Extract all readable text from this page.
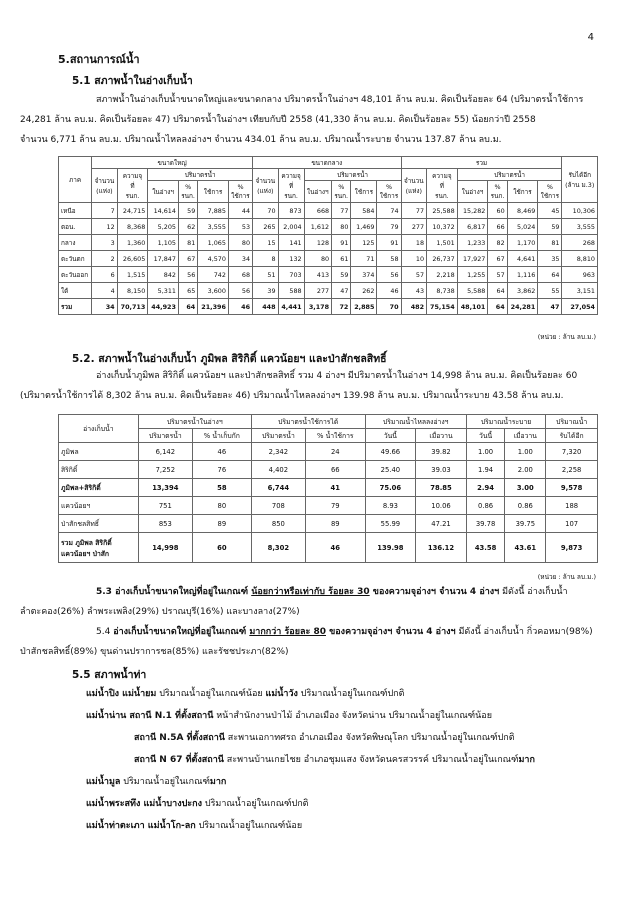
4
5.สถานการณ์น้ำ
5.1 สภาพน้ำในอ่างเก็บน้ำ
สภาพน้ำในอ่างเก็บน้ำขนาดใหญ่และขนาดกลาง ปริมาตรน้ำในอ่างฯ 48,101 ล้าน ลบ.ม. คิดเป็นร้อยละ 64 (ปริมาตรน้ำใช้การ
24,281 ล้าน ลบ.ม. คิดเป็นร้อยละ 47) ปริมาตรน้ำในอ่างฯ เทียบกับปี 2558 (41,330 ล้าน ลบ.ม. คิดเป็นร้อยละ 55) น้อยกว่าปี 2558
จำนวน 6,771 ล้าน ลบ.ม. ปริมาณน้ำไหลลงอ่างฯ จำนวน 434.01 ล้าน ลบ.ม. ปริมาณน้ำระบาย จำนวน 137.87 ล้าน ลบ.ม.
ภาค	ขนาดใหญ่						ขนาดกลาง						รวม						รับได้อีก
(ล้าน ม.3)
	จำนวน
(แห่ง)	ความจุ
ที่
รนก.	ปริมาตรน้ำ				จำนวน
(แห่ง)	ความจุ
ที่
รนก.	ปริมาตรน้ำ				จำนวน
(แห่ง)	ความจุ
ที่
รนก.	ปริมาตรน้ำ				
			ในอ่างฯ	%
รนก.	ใช้การ	%
ใช้การ			ในอ่างฯ	%
รนก.	ใช้การ	%
ใช้การ			ในอ่างฯ	%
รนก.	ใช้การ	%
ใช้การ	
เหนือ	7	24,715	14,614	59	7,885	44	70	873	668	77	584	74	77	25,588	15,282	60	8,469	45	10,306
ตอน.	12	8,368	5,205	62	3,555	53	265	2,004	1,612	80	1,469	79	277	10,372	6,817	66	5,024	59	3,555
กลาง	3	1,360	1,105	81	1,065	80	15	141	128	91	125	91	18	1,501	1,233	82	1,170	81	268
ตะวันตก	2	26,605	17,847	67	4,570	34	8	132	80	61	71	58	10	26,737	17,927	67	4,641	35	8,810
ตะวันออก	6	1,515	842	56	742	68	51	703	413	59	374	56	57	2,218	1,255	57	1,116	64	963
ใต้	4	8,150	5,311	65	3,600	56	39	588	277	47	262	46	43	8,738	5,588	64	3,862	55	3,151
รวม	34	70,713	44,923	64	21,396	46	448	4,441	3,178	72	2,885	70	482	75,154	48,101	64	24,281	47	27,054
(หน่วย : ล้าน ลบ.ม.)
5.2. สภาพน้ำในอ่างเก็บน้ำ ภูมิพล สิริกิติ์ แควน้อยฯ และป่าสักชลสิทธิ์
อ่างเก็บน้ำภูมิพล สิริกิติ์ แควน้อยฯ และป่าสักชลสิทธิ์ รวม 4 อ่างฯ มีปริมาตรน้ำในอ่างฯ 14,998 ล้าน ลบ.ม. คิดเป็นร้อยละ 60
(ปริมาตรน้ำใช้การได้ 8,302 ล้าน ลบ.ม. คิดเป็นร้อยละ 46) ปริมาณน้ำไหลลงอ่างฯ 139.98 ล้าน ลบ.ม. ปริมาณน้ำระบาย 43.58 ล้าน ลบ.ม.
อ่างเก็บน้ำ	ปริมาตรน้ำในอ่างฯ		ปริมาตรน้ำใช้การได้		ปริมาณน้ำไหลลงอ่างฯ		ปริมาณน้ำระบาย		ปริมาณน้ำ
	ปริมาตรน้ำ	% น้ำเก็บกัก	ปริมาตรน้ำ	% น้ำใช้การ	วันนี้	เมื่อวาน	วันนี้	เมื่อวาน	รับได้อีก
ภูมิพล	6,142	46	2,342	24	49.66	39.82	1.00	1.00	7,320
สิริกิติ์	7,252	76	4,402	66	25.40	39.03	1.94	2.00	2,258
ภูมิพล+สิริกิติ์	13,394	58	6,744	41	75.06	78.85	2.94	3.00	9,578
แควน้อยฯ	751	80	708	79	8.93	10.06	0.86	0.86	188
ป่าสักชลสิทธิ์	853	89	850	89	55.99	47.21	39.78	39.75	107
รวม ภูมิพล สิริกิติ์
แควน้อยฯ ป่าสัก	14,998	60	8,302	46	139.98	136.12	43.58	43.61	9,873
(หน่วย : ล้าน ลบ.ม.)
5.3 อ่างเก็บน้ำขนาดใหญ่ที่อยู่ในเกณฑ์ น้อยกว่าหรือเท่ากับ ร้อยละ 30 ของความจุอ่างฯ จำนวน 4 อ่างฯ มีดังนี้ อ่างเก็บน้ำ
ลำตะคอง(26%) ลำพระเพลิง(29%) ปราณบุรี(16%) และบางลาง(27%)
5.4 อ่างเก็บน้ำขนาดใหญ่ที่อยู่ในเกณฑ์ มากกว่า ร้อยละ 80 ของความจุอ่างฯ จำนวน 4 อ่างฯ มีดังนี้ อ่างเก็บน้ำ กิ่วคอหมา(98%)
ป่าสักชลสิทธิ์(89%) ขุนด่านปราการชล(85%) และรัชชประภา(82%)
5.5 สภาพน้ำท่า
แม่น้ำปิง แม่น้ำยม ปริมาณน้ำอยู่ในเกณฑ์น้อย แม่น้ำวัง ปริมาณน้ำอยู่ในเกณฑ์ปกติ
แม่น้ำน่าน สถานี N.1 ที่ตั้งสถานี หน้าสำนักงานป่าไม้ อำเภอเมือง จังหวัดน่าน ปริมาณน้ำอยู่ในเกณฑ์น้อย
สถานี N.5A ที่ตั้งสถานี สะพานเอกาทศรถ อำเภอเมือง จังหวัดพิษณุโลก ปริมาณน้ำอยู่ในเกณฑ์ปกติ
สถานี N 67 ที่ตั้งสถานี สะพานบ้านเกยไชย อำเภอชุมแสง จังหวัดนครสวรรค์ ปริมาณน้ำอยู่ในเกณฑ์มาก
แม่น้ำมูล ปริมาณน้ำอยู่ในเกณฑ์มาก
แม่น้ำพระสทึง แม่น้ำบางปะกง ปริมาณน้ำอยู่ในเกณฑ์ปกติ
แม่น้ำท่าตะเภา แม่น้ำโก-ลก ปริมาณน้ำอยู่ในเกณฑ์น้อย
